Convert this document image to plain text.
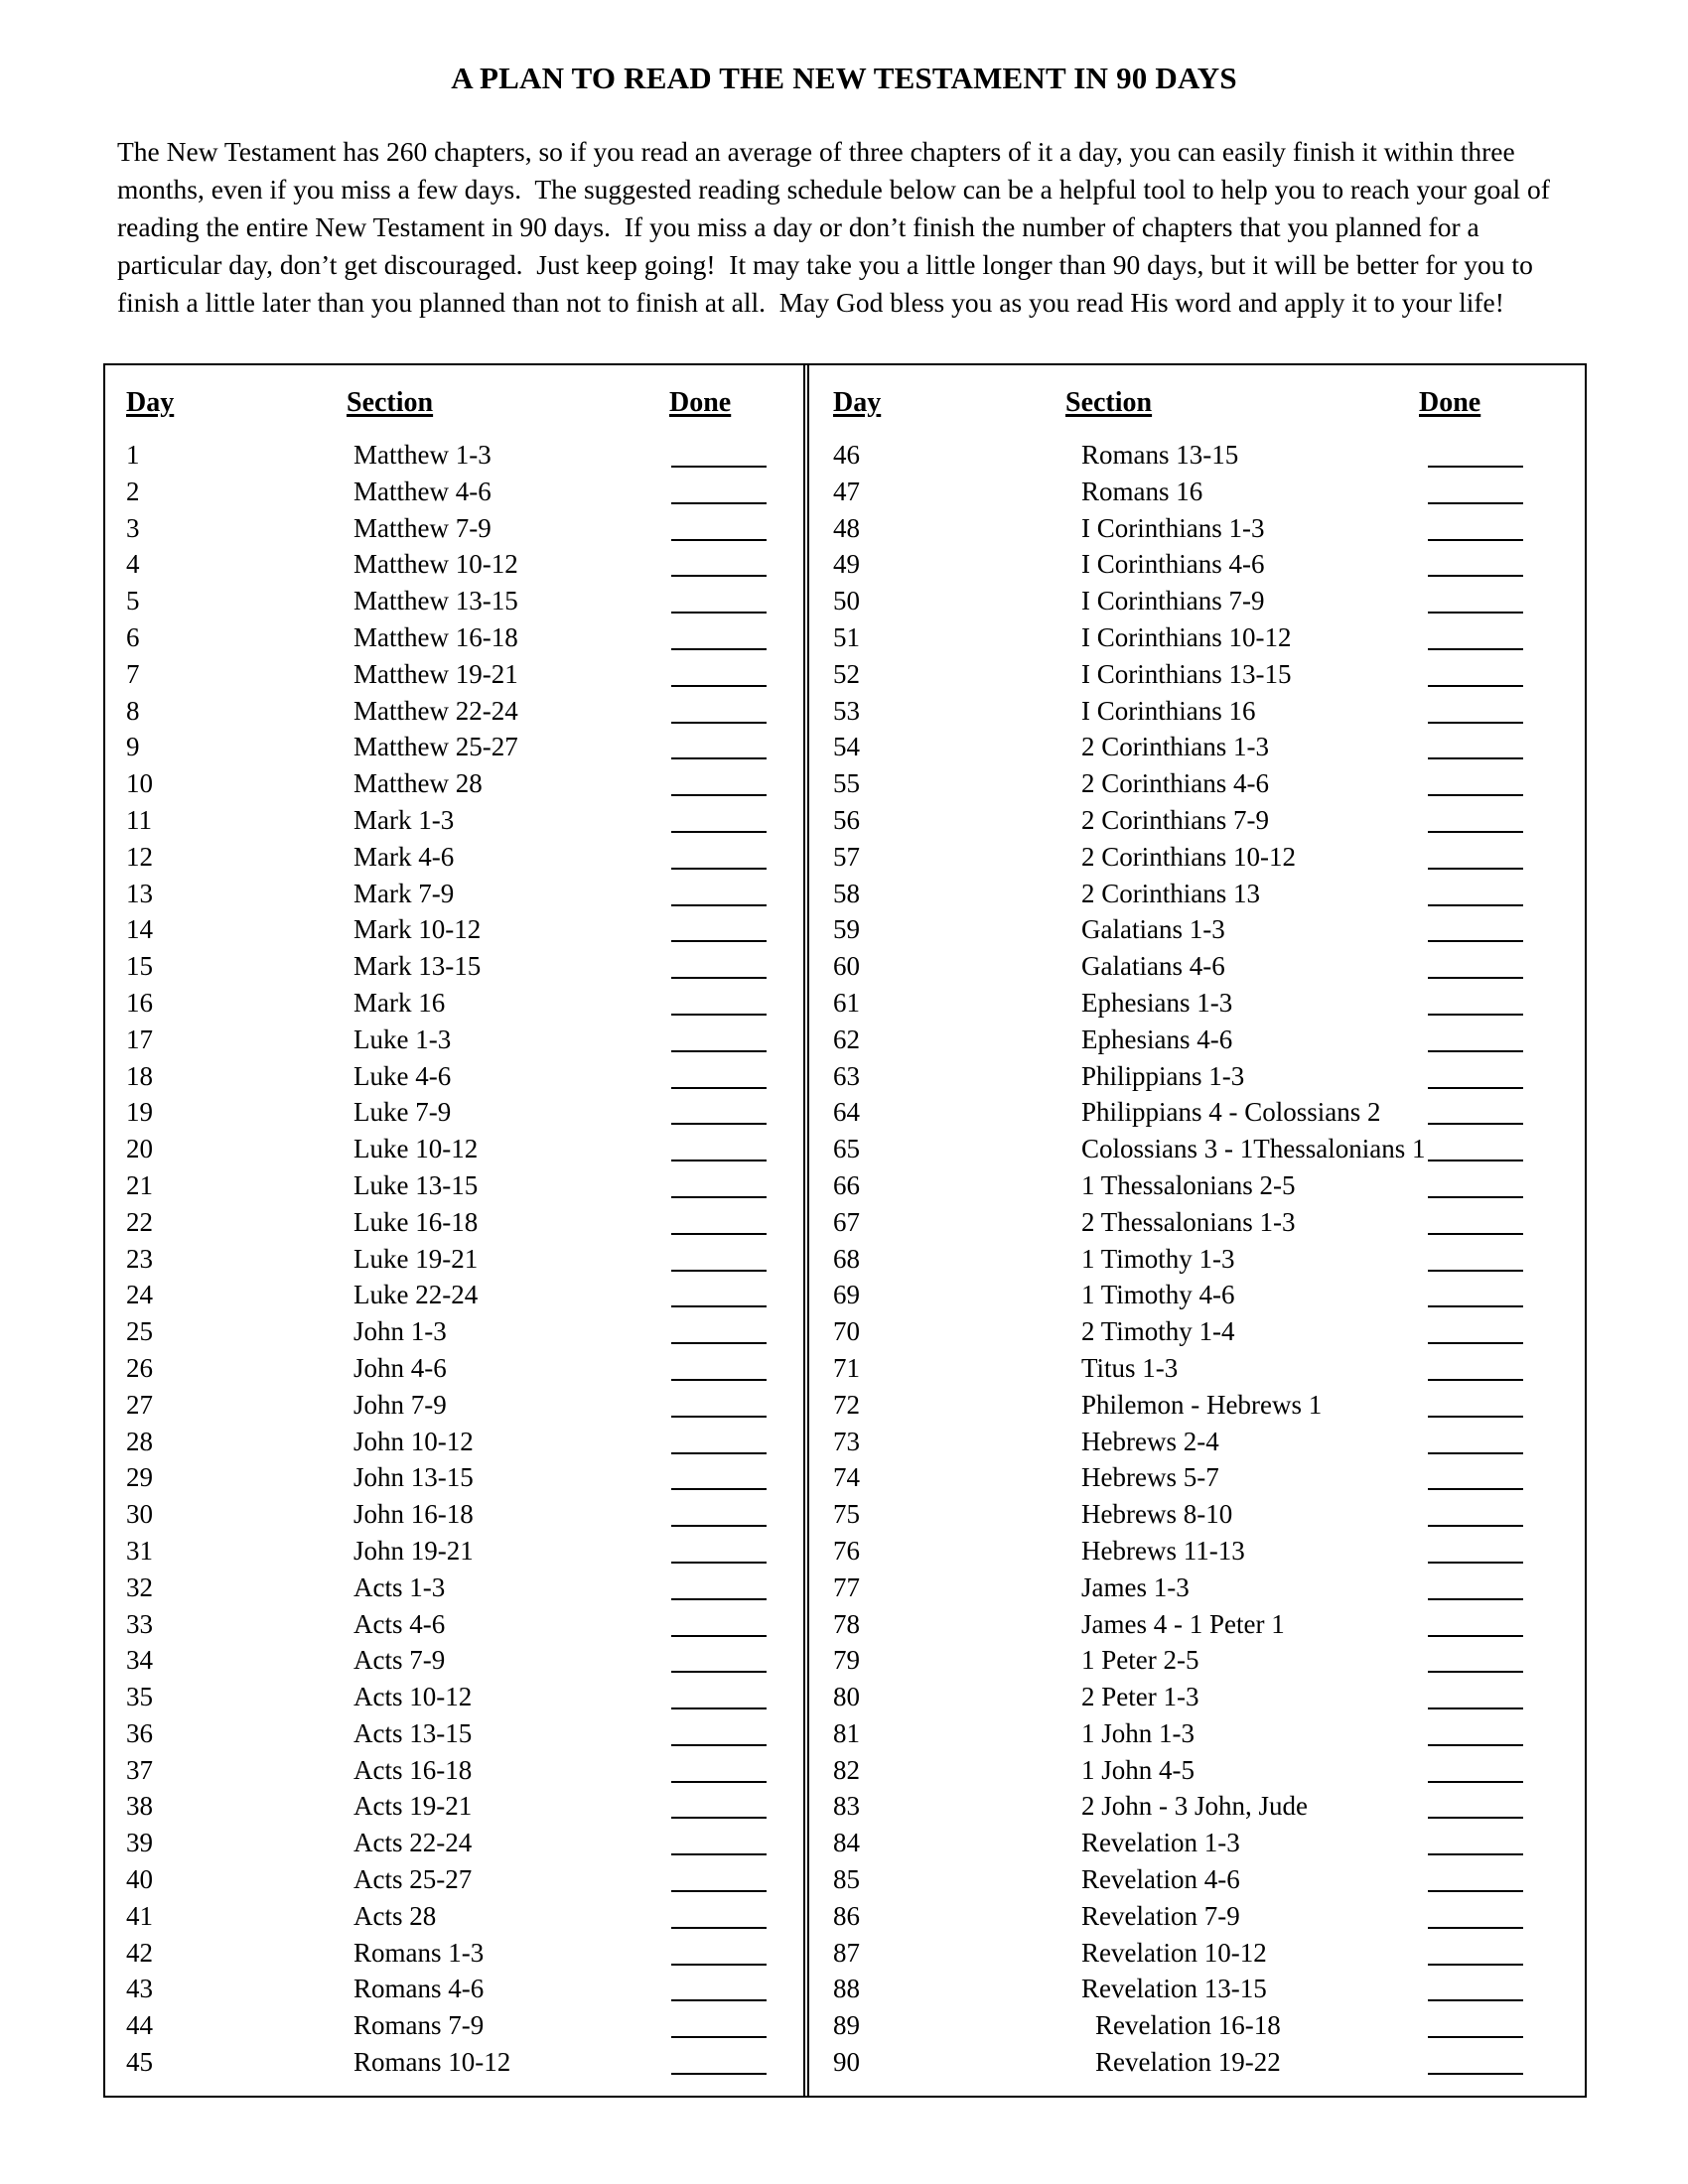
A PLAN TO READ THE NEW TESTAMENT IN 90 DAYS

The New Testament has 260 chapters, so if you read an average of three chapters of it a day, you can easily finish it within three months, even if you miss a few days.  The suggested reading schedule below can be a helpful tool to help you to reach your goal of reading the entire New Testament in 90 days.  If you miss a day or don’t finish the number of chapters that you planned for a particular day, don’t get discouraged.  Just keep going!  It may take you a little longer than 90 days, but it will be better for you to finish a little later than you planned than not to finish at all.  May God bless you as you read His word and apply it to your life!

Day	Section	Done
1	Matthew 1-3
2	Matthew 4-6
3	Matthew 7-9
4	Matthew 10-12
5	Matthew 13-15
6	Matthew 16-18
7	Matthew 19-21
8	Matthew 22-24
9	Matthew 25-27
10	Matthew 28
11	Mark 1-3
12	Mark 4-6
13	Mark 7-9
14	Mark 10-12
15	Mark 13-15
16	Mark 16
17	Luke 1-3
18	Luke 4-6
19	Luke 7-9
20	Luke 10-12
21	Luke 13-15
22	Luke 16-18
23	Luke 19-21
24	Luke 22-24
25	John 1-3
26	John 4-6
27	John 7-9
28	John 10-12
29	John 13-15
30	John 16-18
31	John 19-21
32	Acts 1-3
33	Acts 4-6
34	Acts 7-9
35	Acts 10-12
36	Acts 13-15
37	Acts 16-18
38	Acts 19-21
39	Acts 22-24
40	Acts 25-27
41	Acts 28
42	Romans 1-3
43	Romans 4-6
44	Romans 7-9
45	Romans 10-12
Day	Section	Done
46	Romans 13-15
47	Romans 16
48	I Corinthians 1-3
49	I Corinthians 4-6
50	I Corinthians 7-9
51	I Corinthians 10-12
52	I Corinthians 13-15
53	I Corinthians 16
54	2 Corinthians 1-3
55	2 Corinthians 4-6
56	2 Corinthians 7-9
57	2 Corinthians 10-12
58	2 Corinthians 13
59	Galatians 1-3
60	Galatians 4-6
61	Ephesians 1-3
62	Ephesians 4-6
63	Philippians 1-3
64	Philippians 4 - Colossians 2
65	Colossians 3 - 1Thessalonians 1
66	1 Thessalonians 2-5
67	2 Thessalonians 1-3
68	1 Timothy 1-3
69	1 Timothy 4-6
70	2 Timothy 1-4
71	Titus 1-3
72	Philemon - Hebrews 1
73	Hebrews 2-4
74	Hebrews 5-7
75	Hebrews 8-10
76	Hebrews 11-13
77	James 1-3
78	James 4 - 1 Peter 1
79	1 Peter 2-5
80	2 Peter 1-3
81	1 John 1-3
82	1 John 4-5
83	2 John - 3 John, Jude
84	Revelation 1-3
85	Revelation 4-6
86	Revelation 7-9
87	Revelation 10-12
88	Revelation 13-15
89	Revelation 16-18
90	Revelation 19-22
